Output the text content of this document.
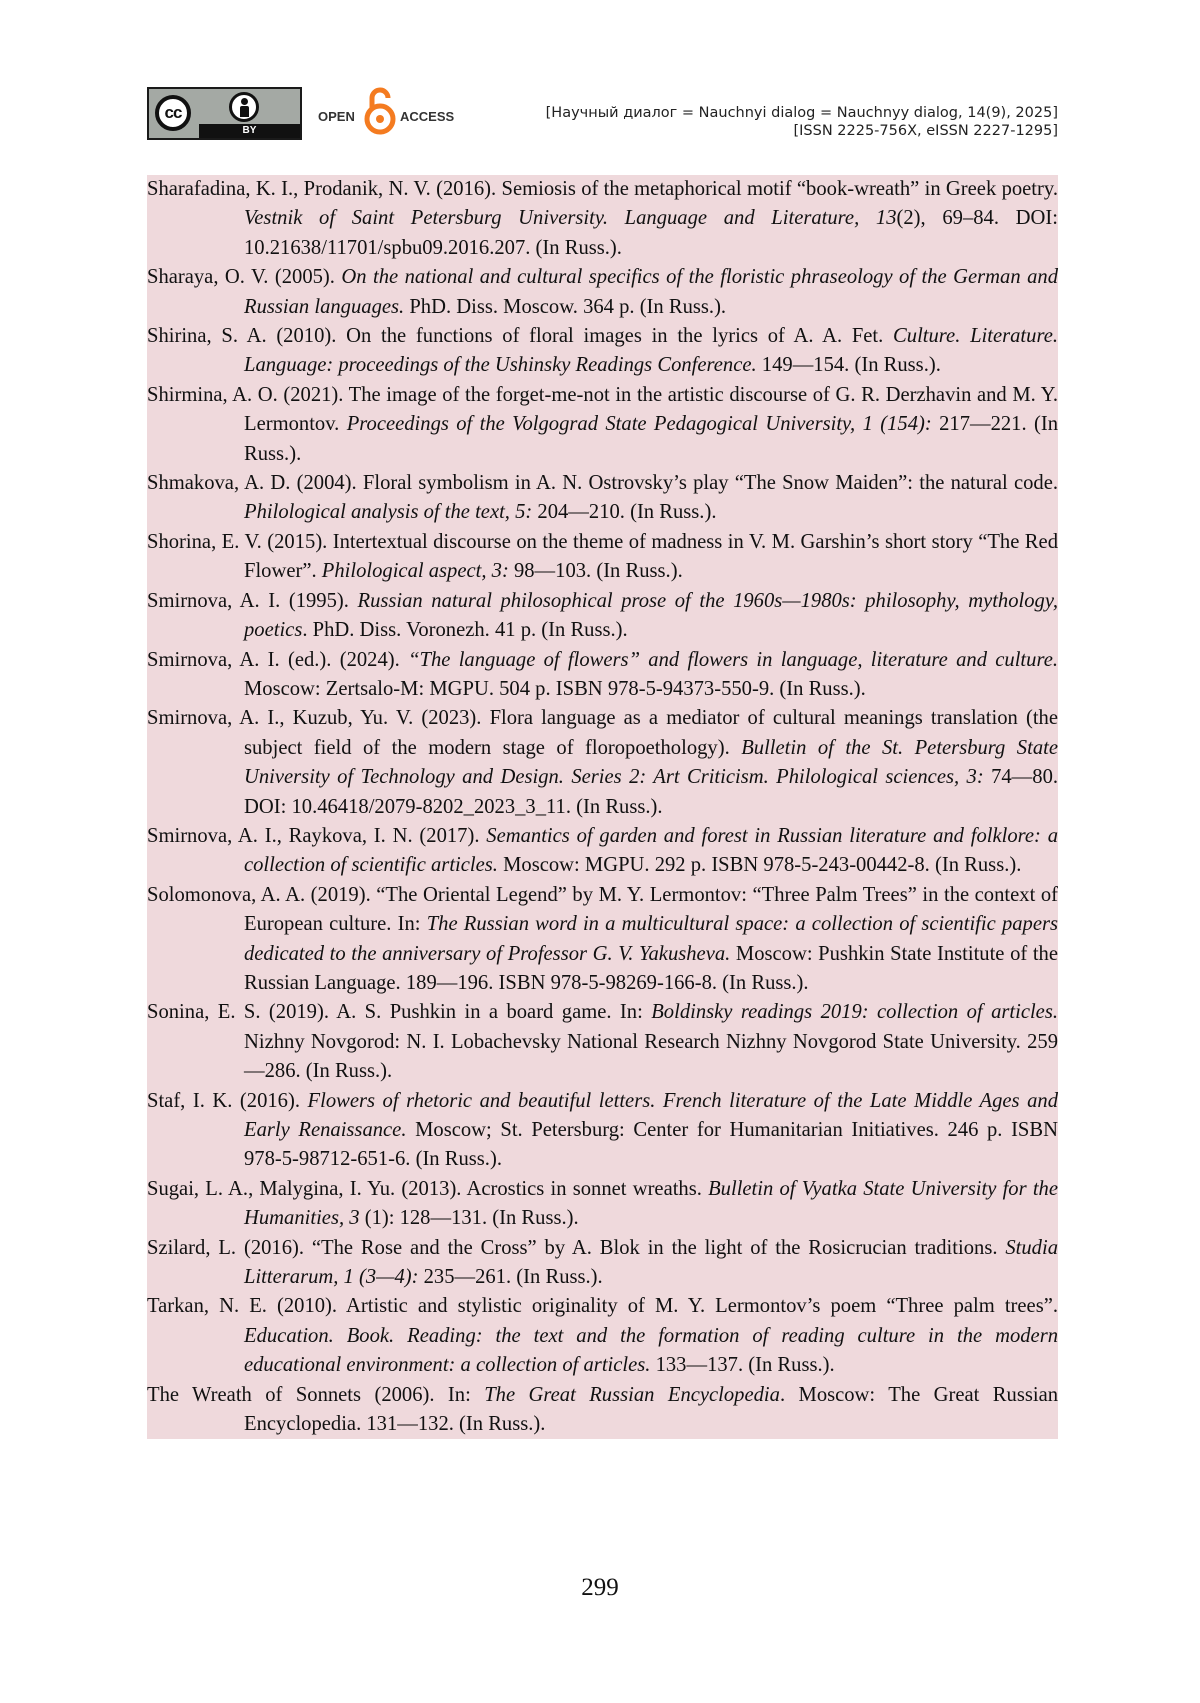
cc
BY
OPEN	ACCESS	[Научный диалог = Nauchnyi dialog = Nauchnyy dialog, 14(9), 2025]
[ISSN 2225-756X, eISSN 2227-1295]

Sharafadina, K. I., Prodanik, N. V. (2016). Semiosis of the metaphorical motif “book-wreath” in Greek poetry. Vestnik of Saint Petersburg University. Language and Literature, 13(2), 69–84. DOI: 10.21638/11701/spbu09.2016.207. (In Russ.).

Sharaya, O. V. (2005). On the national and cultural specifics of the floristic phraseology of the German and Russian languages. PhD. Diss. Moscow. 364 p. (In Russ.).

Shirina, S. A. (2010). On the functions of floral images in the lyrics of A. A. Fet. Culture. Literature. Language: proceedings of the Ushinsky Readings Conference. 149—154. (In Russ.).

Shirmina, A. O. (2021). The image of the forget-me-not in the artistic discourse of G. R. Derzhavin and M. Y. Lermontov. Proceedings of the Volgograd State Pedagogical University, 1 (154): 217—221. (In Russ.).

Shmakova, A. D. (2004). Floral symbolism in A. N. Ostrovsky’s play “The Snow Maiden”: the natural code. Philological analysis of the text, 5: 204—210. (In Russ.).

Shorina, E. V. (2015). Intertextual discourse on the theme of madness in V. M. Garshin’s short story “The Red Flower”. Philological aspect, 3: 98—103. (In Russ.).

Smirnova, A. I. (1995). Russian natural philosophical prose of the 1960s—1980s: philosophy, mythology, poetics. PhD. Diss. Voronezh. 41 p. (In Russ.).

Smirnova, A. I. (ed.). (2024). “The language of flowers” and flowers in language, literature and culture. Moscow: Zertsalo-M: MGPU. 504 p. ISBN 978-5-94373-550-9. (In Russ.).

Smirnova, A. I., Kuzub, Yu. V. (2023). Flora language as a mediator of cultural meanings translation (the subject field of the modern stage of floropoethology). Bulletin of the St. Petersburg State University of Technology and Design. Series 2: Art Criticism. Philological sciences, 3: 74—80. DOI: 10.46418/2079-8202_2023_3_11. (In Russ.).

Smirnova, A. I., Raykova, I. N. (2017). Semantics of garden and forest in Russian literature and folklore: a collection of scientific articles. Moscow: MGPU. 292 p. ISBN 978-5-243-00442-8. (In Russ.).

Solomonova, A. A. (2019). “The Oriental Legend” by M. Y. Lermontov: “Three Palm Trees” in the context of European culture. In: The Russian word in a multicultural space: a collection of scientific papers dedicated to the anniversary of Professor G. V. Yakusheva. Moscow: Pushkin State Institute of the Russian Language. 189—196. ISBN 978-5-98269-166-8. (In Russ.).

Sonina, E. S. (2019). A. S. Pushkin in a board game. In: Boldinsky readings 2019: collection of articles. Nizhny Novgorod: N. I. Lobachevsky National Research Nizhny Novgorod State University. 259—286. (In Russ.).

Staf, I. K. (2016). Flowers of rhetoric and beautiful letters. French literature of the Late Middle Ages and Early Renaissance. Moscow; St. Petersburg: Center for Humanitarian Initiatives. 246 p. ISBN 978-5-98712-651-6. (In Russ.).

Sugai, L. A., Malygina, I. Yu. (2013). Acrostics in sonnet wreaths. Bulletin of Vyatka State University for the Humanities, 3 (1): 128—131. (In Russ.).

Szilard, L. (2016). “The Rose and the Cross” by A. Blok in the light of the Rosicrucian traditions. Studia Litterarum, 1 (3—4): 235—261. (In Russ.).

Tarkan, N. E. (2010). Artistic and stylistic originality of M. Y. Lermontov’s poem “Three palm trees”. Education. Book. Reading: the text and the formation of reading culture in the modern educational environment: a collection of articles. 133—137. (In Russ.).

The Wreath of Sonnets (2006). In: The Great Russian Encyclopedia. Moscow: The Great Russian Encyclopedia. 131—132. (In Russ.).

299
